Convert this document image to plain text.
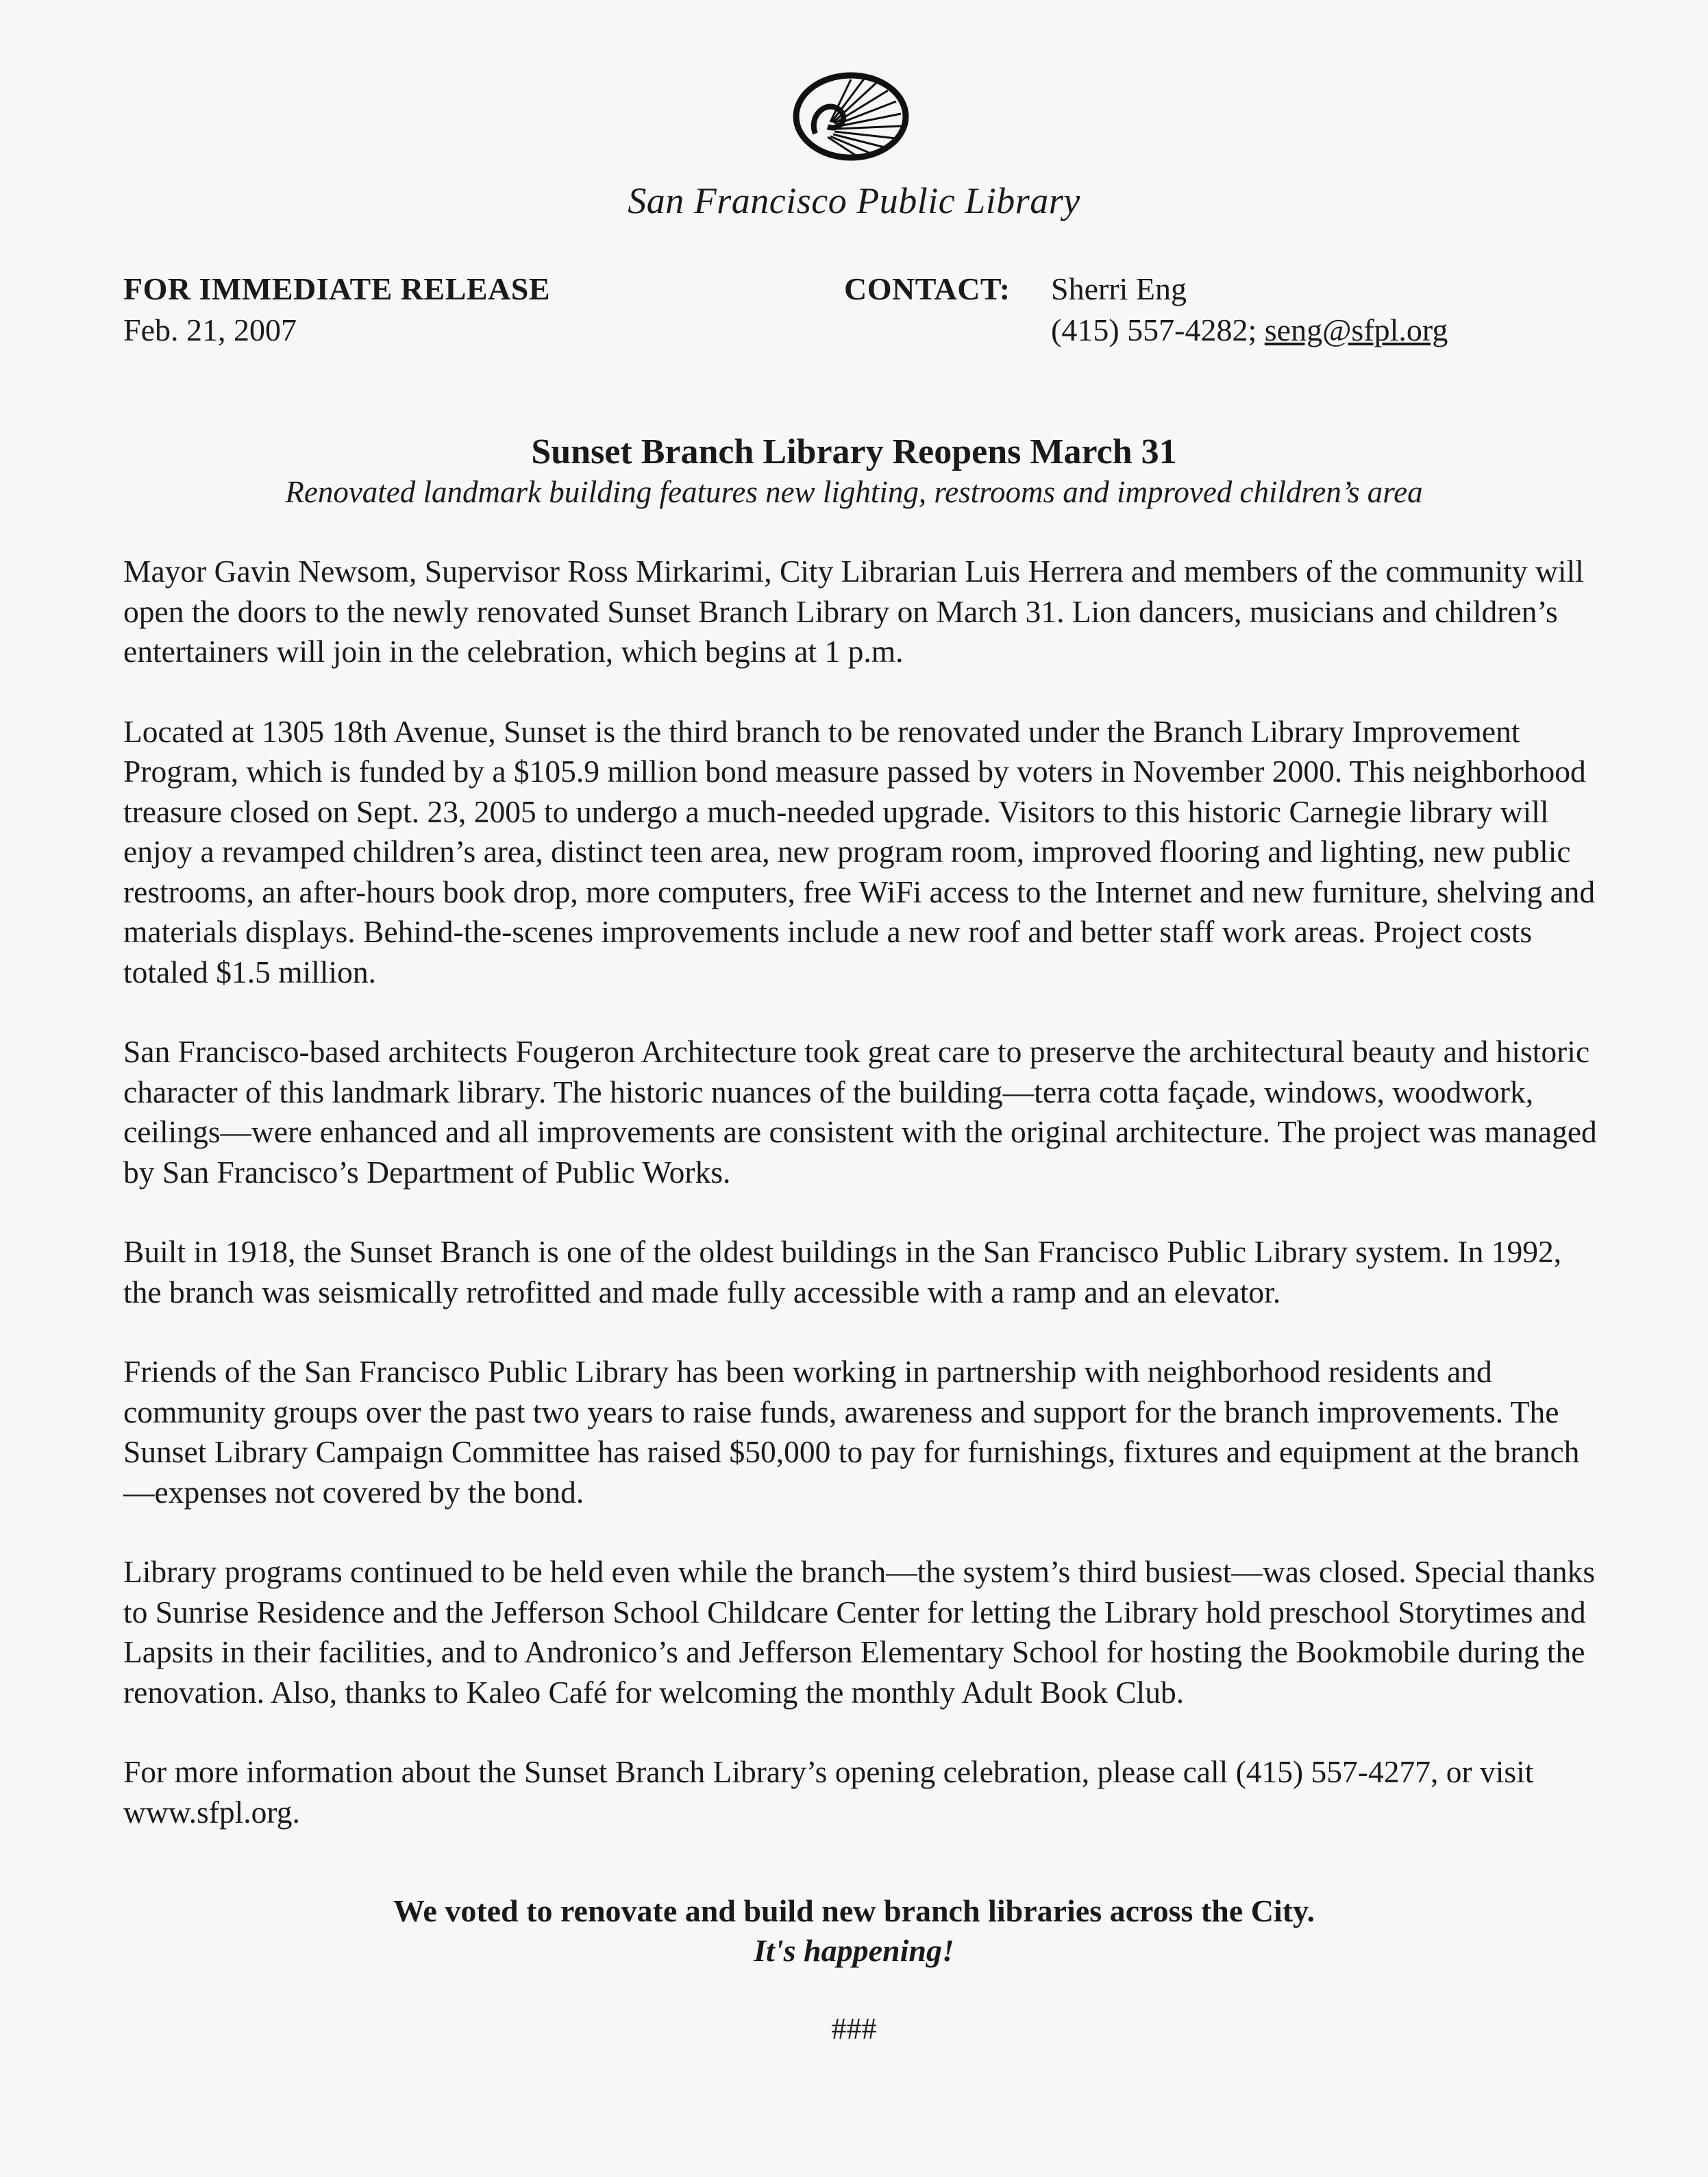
San Francisco Public Library
FOR IMMEDIATE RELEASE
Feb. 21, 2007
CONTACT:	Sherri Eng
(415) 557-4282; seng@sfpl.org
Sunset Branch Library Reopens March 31
Renovated landmark building features new lighting, restrooms and improved children’s area

Mayor Gavin Newsom, Supervisor Ross Mirkarimi, City Librarian Luis Herrera and members of the community will open the doors to the newly renovated Sunset Branch Library on March 31. Lion dancers, musicians and children’s entertainers will join in the celebration, which begins at 1 p.m.

Located at 1305 18th Avenue, Sunset is the third branch to be renovated under the Branch Library Improvement Program, which is funded by a $105.9 million bond measure passed by voters in November 2000. This neighborhood treasure closed on Sept. 23, 2005 to undergo a much-needed upgrade. Visitors to this historic Carnegie library will enjoy a revamped children’s area, distinct teen area, new program room, improved flooring and lighting, new public restrooms, an after-hours book drop, more computers, free WiFi access to the Internet and new furniture, shelving and materials displays. Behind-the-scenes improvements include a new roof and better staff work areas. Project costs totaled $1.5 million.

San Francisco-based architects Fougeron Architecture took great care to preserve the architectural beauty and historic character of this landmark library. The historic nuances of the building—terra cotta façade, windows, woodwork, ceilings—were enhanced and all improvements are consistent with the original architecture. The project was managed by San Francisco’s Department of Public Works.

Built in 1918, the Sunset Branch is one of the oldest buildings in the San Francisco Public Library system. In 1992, the branch was seismically retrofitted and made fully accessible with a ramp and an elevator.

Friends of the San Francisco Public Library has been working in partnership with neighborhood residents and community groups over the past two years to raise funds, awareness and support for the branch improvements. The Sunset Library Campaign Committee has raised $50,000 to pay for furnishings, fixtures and equipment at the branch—expenses not covered by the bond.

Library programs continued to be held even while the branch—the system’s third busiest—was closed. Special thanks to Sunrise Residence and the Jefferson School Childcare Center for letting the Library hold preschool Storytimes and Lapsits in their facilities, and to Andronico’s and Jefferson Elementary School for hosting the Bookmobile during the renovation. Also, thanks to Kaleo Café for welcoming the monthly Adult Book Club.

For more information about the Sunset Branch Library’s opening celebration, please call (415) 557-4277, or visit www.sfpl.org.

We voted to renovate and build new branch libraries across the City.
It's happening!
###
